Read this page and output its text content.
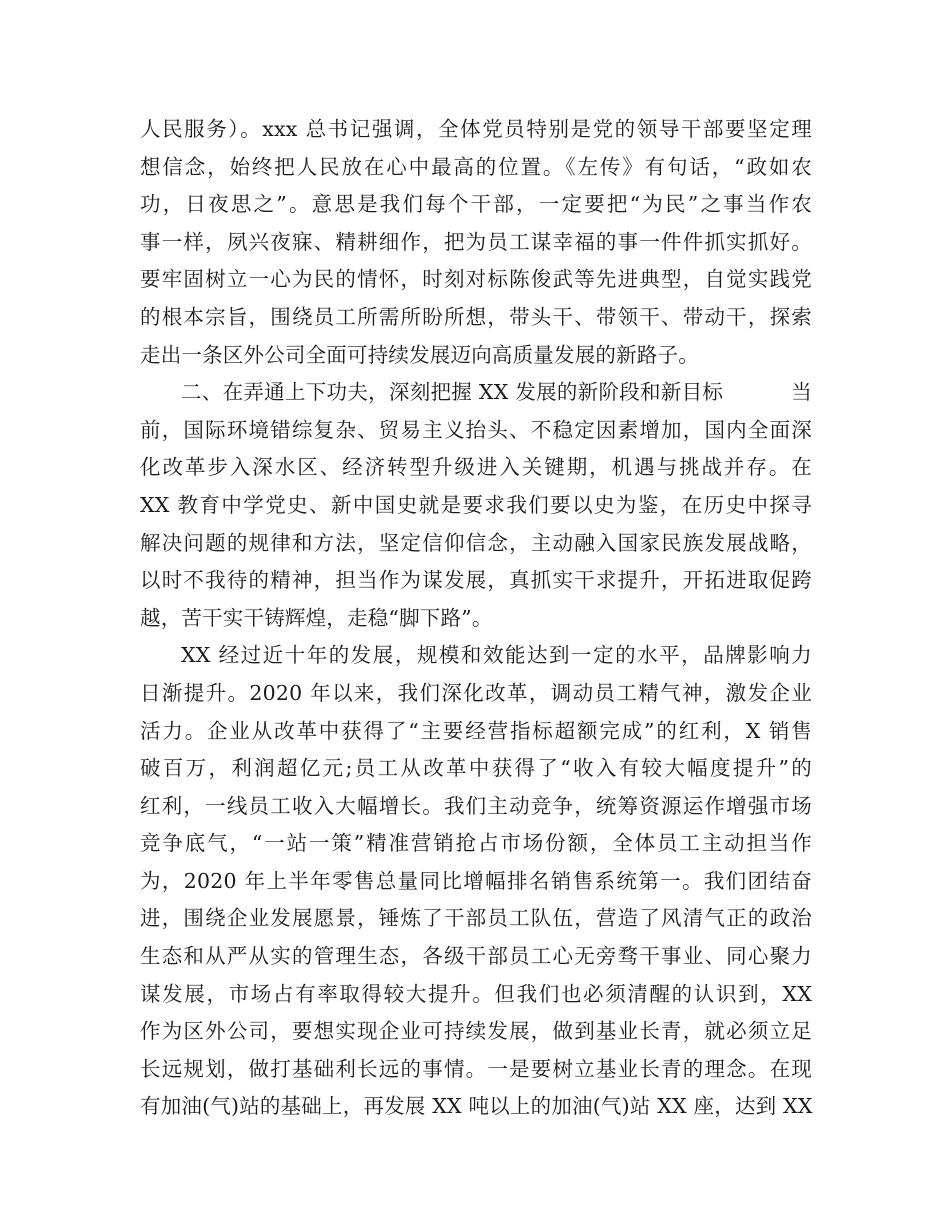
人民服务）。xxx 总书记强调，全体党员特别是党的领导干部要坚定理
想信念，始终把人民放在心中最高的位置。《左传》有句话，“政如农
功，日夜思之”。意思是我们每个干部，一定要把“为民”之事当作农
事一样，夙兴夜寐、精耕细作，把为员工谋幸福的事一件件抓实抓好。
要牢固树立一心为民的情怀，时刻对标陈俊武等先进典型，自觉实践党
的根本宗旨，围绕员工所需所盼所想，带头干、带领干、带动干，探索
走出一条区外公司全面可持续发展迈向高质量发展的新路子。
二、在弄通上下功夫，深刻把握 XX 发展的新阶段和新目标          当
前，国际环境错综复杂、贸易主义抬头、不稳定因素增加，国内全面深
化改革步入深水区、经济转型升级进入关键期，机遇与挑战并存。在
XX 教育中学党史、新中国史就是要求我们要以史为鉴，在历史中探寻
解决问题的规律和方法，坚定信仰信念，主动融入国家民族发展战略，
以时不我待的精神，担当作为谋发展，真抓实干求提升，开拓进取促跨
越，苦干实干铸辉煌，走稳“脚下路”。
XX 经过近十年的发展，规模和效能达到一定的水平，品牌影响力
日渐提升。2020 年以来，我们深化改革，调动员工精气神，激发企业
活力。企业从改革中获得了“主要经营指标超额完成”的红利，X 销售
破百万，利润超亿元;员工从改革中获得了“收入有较大幅度提升”的
红利，一线员工收入大幅增长。我们主动竞争，统筹资源运作增强市场
竞争底气，“一站一策”精准营销抢占市场份额，全体员工主动担当作
为，2020 年上半年零售总量同比增幅排名销售系统第一。我们团结奋
进，围绕企业发展愿景，锤炼了干部员工队伍，营造了风清气正的政治
生态和从严从实的管理生态，各级干部员工心无旁骛干事业、同心聚力
谋发展，市场占有率取得较大提升。但我们也必须清醒的认识到，XX
作为区外公司，要想实现企业可持续发展，做到基业长青，就必须立足
长远规划，做打基础利长远的事情。一是要树立基业长青的理念。在现
有加油(气)站的基础上，再发展 XX 吨以上的加油(气)站 XX 座，达到 XX
